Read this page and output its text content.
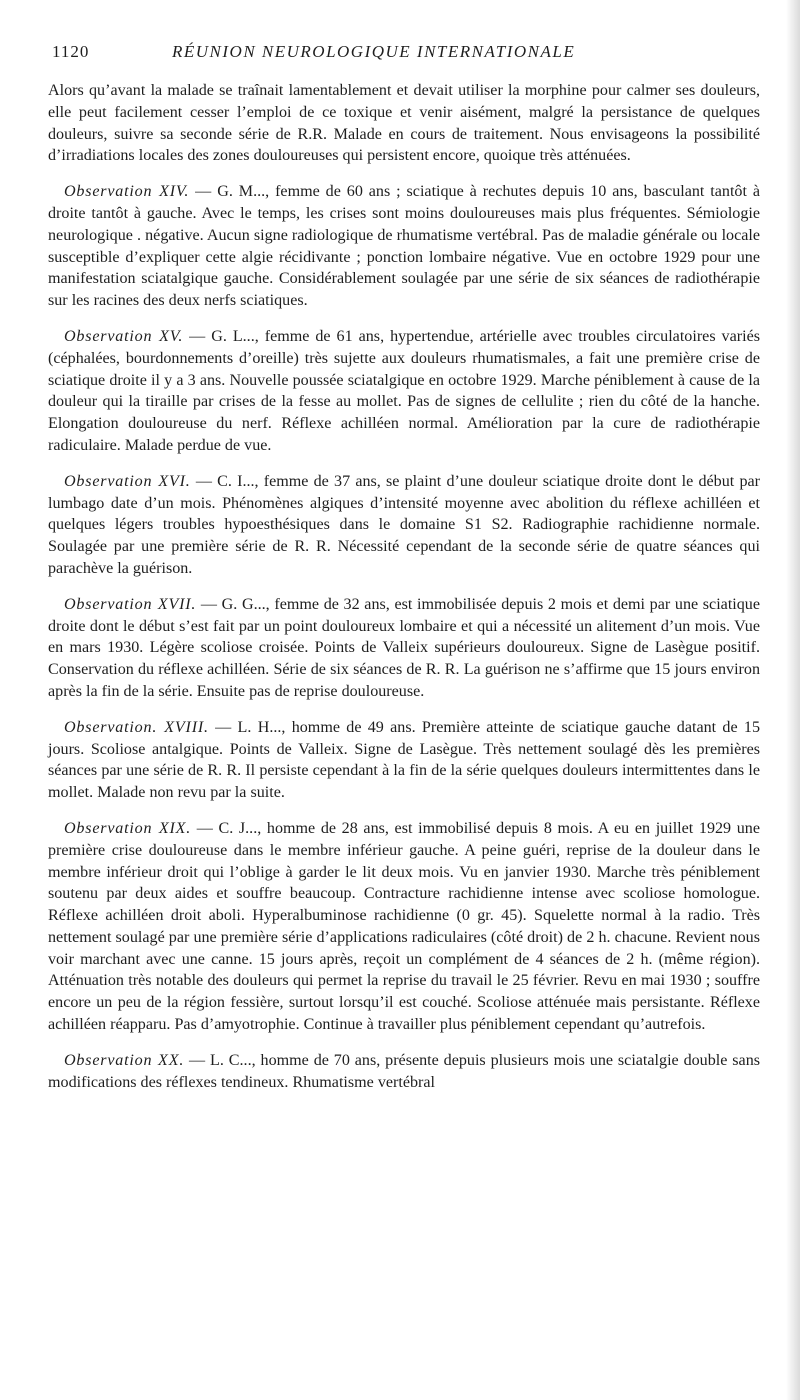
1120	RÉUNION NEUROLOGIQUE INTERNATIONALE

Alors qu’avant la malade se traînait lamentablement et devait utiliser la morphine pour calmer ses douleurs, elle peut facilement cesser l’emploi de ce toxique et venir aisément, malgré la persistance de quelques douleurs, suivre sa seconde série de R.R. Malade en cours de traitement. Nous envisageons la possibilité d’irradiations locales des zones douloureuses qui persistent encore, quoique très atténuées.

Observation XIV. — G. M..., femme de 60 ans ; sciatique à rechutes depuis 10 ans, basculant tantôt à droite tantôt à gauche. Avec le temps, les crises sont moins douloureuses mais plus fréquentes. Sémiologie neurologique . négative. Aucun signe radiologique de rhumatisme vertébral. Pas de maladie générale ou locale susceptible d’expliquer cette algie récidivante ; ponction lombaire négative. Vue en octobre 1929 pour une manifestation sciatalgique gauche. Considérablement soulagée par une série de six séances de radiothérapie sur les racines des deux nerfs sciatiques.

Observation XV. — G. L..., femme de 61 ans, hypertendue, artérielle avec troubles circulatoires variés (céphalées, bourdonnements d’oreille) très sujette aux douleurs rhumatismales, a fait une première crise de sciatique droite il y a 3 ans. Nouvelle poussée sciatalgique en octobre 1929. Marche péniblement à cause de la douleur qui la tiraille par crises de la fesse au mollet. Pas de signes de cellulite ; rien du côté de la hanche. Elongation douloureuse du nerf. Réflexe achilléen normal. Amélioration par la cure de radiothérapie radiculaire. Malade perdue de vue.

Observation XVI. — C. I..., femme de 37 ans, se plaint d’une douleur sciatique droite dont le début par lumbago date d’un mois. Phénomènes algiques d’intensité moyenne avec abolition du réflexe achilléen et quelques légers troubles hypoesthésiques dans le domaine S1 S2. Radiographie rachidienne normale. Soulagée par une première série de R. R. Nécessité cependant de la seconde série de quatre séances qui parachève la guérison.

Observation XVII. — G. G..., femme de 32 ans, est immobilisée depuis 2 mois et demi par une sciatique droite dont le début s’est fait par un point douloureux lombaire et qui a nécessité un alitement d’un mois. Vue en mars 1930. Légère scoliose croisée. Points de Valleix supérieurs douloureux. Signe de Lasègue positif. Conservation du réflexe achilléen. Série de six séances de R. R. La guérison ne s’affirme que 15 jours environ après la fin de la série. Ensuite pas de reprise douloureuse.

Observation. XVIII. — L. H..., homme de 49 ans. Première atteinte de sciatique gauche datant de 15 jours. Scoliose antalgique. Points de Valleix. Signe de Lasègue. Très nettement soulagé dès les premières séances par une série de R. R. Il persiste cependant à la fin de la série quelques douleurs intermittentes dans le mollet. Malade non revu par la suite.

Observation XIX. — C. J..., homme de 28 ans, est immobilisé depuis 8 mois. A eu en juillet 1929 une première crise douloureuse dans le membre inférieur gauche. A peine guéri, reprise de la douleur dans le membre inférieur droit qui l’oblige à garder le lit deux mois. Vu en janvier 1930. Marche très péniblement soutenu par deux aides et souffre beaucoup. Contracture rachidienne intense avec scoliose homologue. Réflexe achilléen droit aboli. Hyperalbuminose rachidienne (0 gr. 45). Squelette normal à la radio. Très nettement soulagé par une première série d’applications radiculaires (côté droit) de 2 h. chacune. Revient nous voir marchant avec une canne. 15 jours après, reçoit un complément de 4 séances de 2 h. (même région). Atténuation très notable des douleurs qui permet la reprise du travail le 25 février. Revu en mai 1930 ; souffre encore un peu de la région fessière, surtout lorsqu’il est couché. Scoliose atténuée mais persistante. Réflexe achilléen réapparu. Pas d’amyotrophie. Continue à travailler plus péniblement cependant qu’autrefois.

Observation XX. — L. C..., homme de 70 ans, présente depuis plusieurs mois une sciatalgie double sans modifications des réflexes tendineux. Rhumatisme vertébral
